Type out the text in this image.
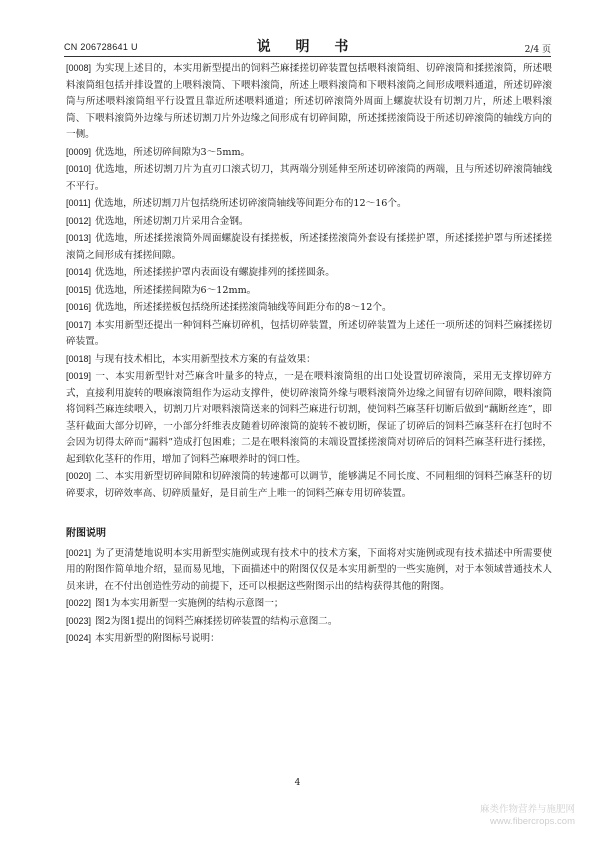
CN 206728641 U	说 明 书	2/4 页

[0008] 为实现上述目的，本实用新型提出的饲料苎麻揉搓切碎装置包括喂料滚筒组、切碎滚筒和揉搓滚筒，所述喂料滚筒组包括并排设置的上喂料滚筒、下喂料滚筒，所述上喂料滚筒和下喂料滚筒之间形成喂料通道，所述切碎滚筒与所述喂料滚筒组平行设置且靠近所述喂料通道；所述切碎滚筒外周面上螺旋状设有切割刀片，所述上喂料滚筒、下喂料滚筒外边缘与所述切割刀片外边缘之间形成有切碎间隙，所述揉搓滚筒设于所述切碎滚筒的轴线方向的一侧。

[0009] 优选地，所述切碎间隙为3～5mm。

[0010] 优选地，所述切割刀片为直刃口滚式切刀，其两端分别延伸至所述切碎滚筒的两端，且与所述切碎滚筒轴线不平行。

[0011] 优选地，所述切割刀片包括绕所述切碎滚筒轴线等间距分布的12～16个。

[0012] 优选地，所述切割刀片采用合金钢。

[0013] 优选地，所述揉搓滚筒外周面螺旋设有揉搓板，所述揉搓滚筒外套设有揉搓护罩，所述揉搓护罩与所述揉搓滚筒之间形成有揉搓间隙。

[0014] 优选地，所述揉搓护罩内表面设有螺旋排列的揉搓圆条。

[0015] 优选地，所述揉搓间隙为6～12mm。

[0016] 优选地，所述揉搓板包括绕所述揉搓滚筒轴线等间距分布的8～12个。

[0017] 本实用新型还提出一种饲料苎麻切碎机，包括切碎装置，所述切碎装置为上述任一项所述的饲料苎麻揉搓切碎装置。

[0018] 与现有技术相比，本实用新型技术方案的有益效果：

[0019] 一、本实用新型针对苎麻含叶量多的特点，一是在喂料滚筒组的出口处设置切碎滚筒，采用无支撑切碎方式，直接利用旋转的喂麻滚筒组作为运动支撑件，使切碎滚筒外缘与喂料滚筒外边缘之间留有切碎间隙，喂料滚筒将饲料苎麻连续喂入，切割刀片对喂料滚筒送来的饲料苎麻进行切割，使饲料苎麻茎秆切断后做到“藕断丝连”，即茎秆截面大部分切碎，一小部分纤维表皮随着切碎滚筒的旋转不被切断，保证了切碎后的饲料苎麻茎秆在打包时不会因为切得太碎而“漏料”造成打包困难；二是在喂料滚筒的末端设置揉搓滚筒对切碎后的饲料苎麻茎秆进行揉搓，起到软化茎秆的作用，增加了饲料苎麻喂养时的饲口性。

[0020] 二、本实用新型切碎间隙和切碎滚筒的转速都可以调节，能够满足不同长度、不同粗细的饲料苎麻茎秆的切碎要求，切碎效率高、切碎质量好，是目前生产上唯一的饲料苎麻专用切碎装置。

附图说明

[0021] 为了更清楚地说明本实用新型实施例或现有技术中的技术方案，下面将对实施例或现有技术描述中所需要使用的附图作简单地介绍，显而易见地，下面描述中的附图仅仅是本实用新型的一些实施例，对于本领域普通技术人员来讲，在不付出创造性劳动的前提下，还可以根据这些附图示出的结构获得其他的附图。

[0022] 图1为本实用新型一实施例的结构示意图一；

[0023] 图2为图1提出的饲料苎麻揉搓切碎装置的结构示意图二。

[0024] 本实用新型的附图标号说明：

4
麻类作物营养与施肥网
www.fibercrops.com
